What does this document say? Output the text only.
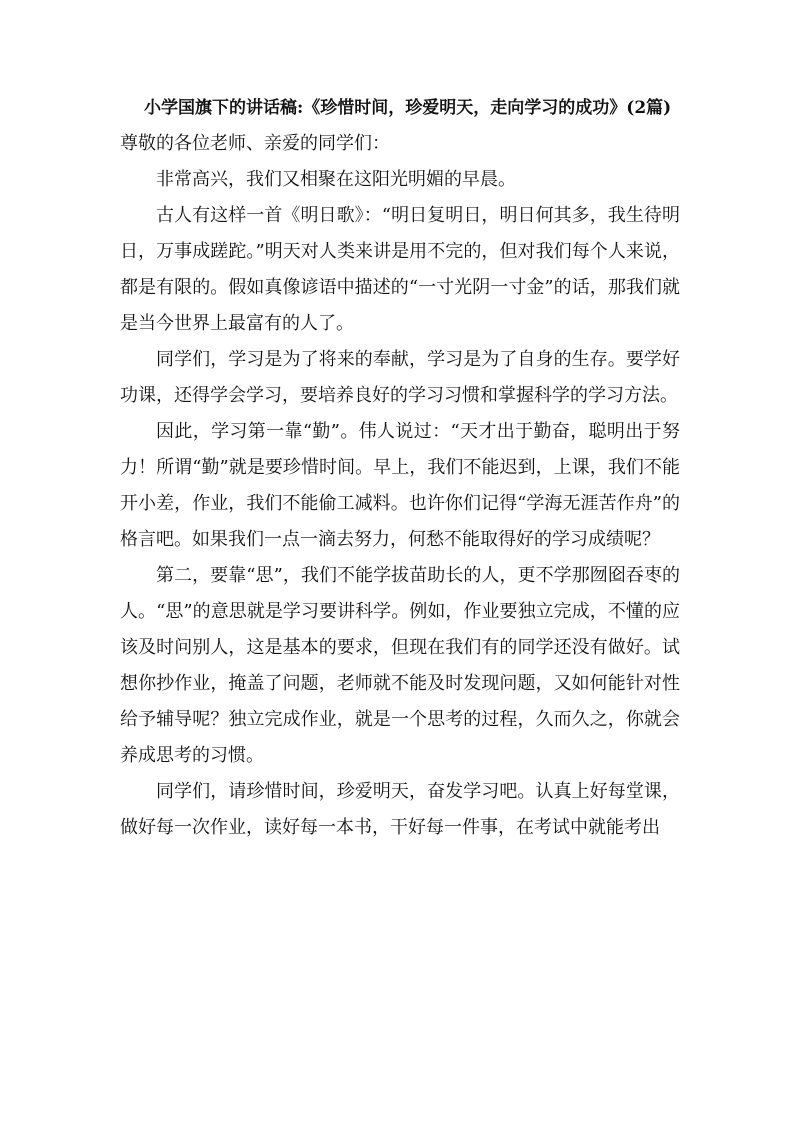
小学国旗下的讲话稿:《珍惜时间，珍爱明天，走向学习的成功》(2篇)

尊敬的各位老师、亲爱的同学们：

非常高兴，我们又相聚在这阳光明媚的早晨。

古人有这样一首《明日歌》：“明日复明日，明日何其多，我生待明日，万事成蹉跎。”明天对人类来讲是用不完的，但对我们每个人来说，都是有限的。假如真像谚语中描述的“一寸光阴一寸金”的话，那我们就是当今世界上最富有的人了。

同学们，学习是为了将来的奉献，学习是为了自身的生存。要学好功课，还得学会学习，要培养良好的学习习惯和掌握科学的学习方法。

因此，学习第一靠“勤”。伟人说过：“天才出于勤奋，聪明出于努力！所谓“勤”就是要珍惜时间。早上，我们不能迟到，上课，我们不能开小差，作业，我们不能偷工减料。也许你们记得“学海无涯苦作舟”的格言吧。如果我们一点一滴去努力，何愁不能取得好的学习成绩呢？

第二，要靠“思”，我们不能学拔苗助长的人，更不学那囫囵吞枣的人。“思”的意思就是学习要讲科学。例如，作业要独立完成，不懂的应该及时问别人，这是基本的要求，但现在我们有的同学还没有做好。试想你抄作业，掩盖了问题，老师就不能及时发现问题，又如何能针对性给予辅导呢？独立完成作业，就是一个思考的过程，久而久之，你就会养成思考的习惯。

同学们，请珍惜时间，珍爱明天，奋发学习吧。认真上好每堂课，做好每一次作业，读好每一本书，干好每一件事，在考试中就能考出
